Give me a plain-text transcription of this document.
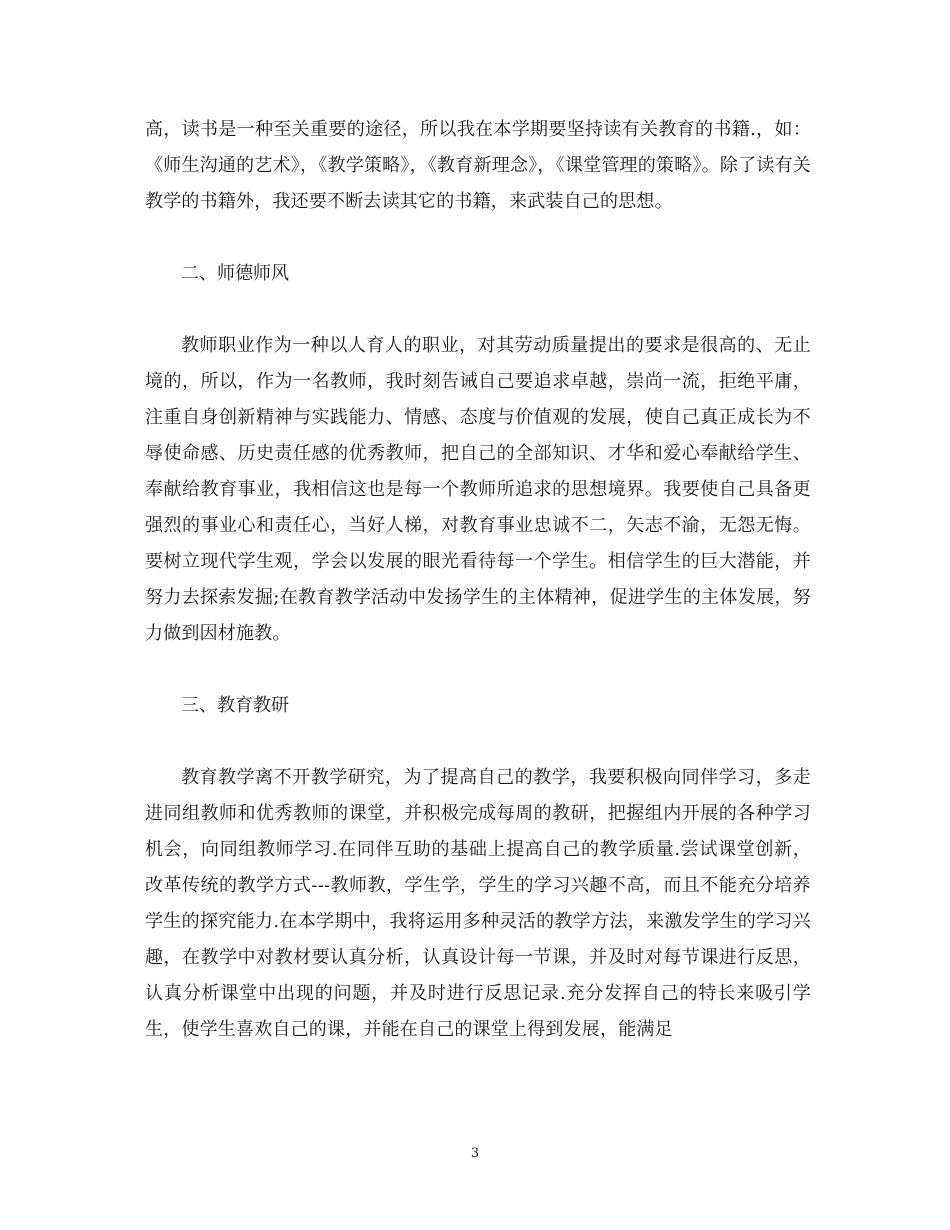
高，读书是一种至关重要的途径，所以我在本学期要坚持读有关教育的书籍.，如：《师生沟通的艺术》，《教学策略》，《教育新理念》，《课堂管理的策略》。除了读有关教学的书籍外，我还要不断去读其它的书籍，来武装自己的思想。

二、师德师风

教师职业作为一种以人育人的职业，对其劳动质量提出的要求是很高的、无止境的，所以，作为一名教师，我时刻告诫自己要追求卓越，崇尚一流，拒绝平庸，注重自身创新精神与实践能力、情感、态度与价值观的发展，使自己真正成长为不辱使命感、历史责任感的优秀教师，把自己的全部知识、才华和爱心奉献给学生、奉献给教育事业，我相信这也是每一个教师所追求的思想境界。我要使自己具备更强烈的事业心和责任心，当好人梯，对教育事业忠诚不二，矢志不渝，无怨无悔。要树立现代学生观，学会以发展的眼光看待每一个学生。相信学生的巨大潜能，并努力去探索发掘;在教育教学活动中发扬学生的主体精神，促进学生的主体发展，努力做到因材施教。

三、教育教研

教育教学离不开教学研究，为了提高自己的教学，我要积极向同伴学习，多走进同组教师和优秀教师的课堂，并积极完成每周的教研，把握组内开展的各种学习机会，向同组教师学习.在同伴互助的基础上提高自己的教学质量.尝试课堂创新，改革传统的教学方式---教师教，学生学，学生的学习兴趣不高，而且不能充分培养学生的探究能力.在本学期中，我将运用多种灵活的教学方法，来激发学生的学习兴趣，在教学中对教材要认真分析，认真设计每一节课，并及时对每节课进行反思，认真分析课堂中出现的问题，并及时进行反思记录.充分发挥自己的特长来吸引学生，使学生喜欢自己的课，并能在自己的课堂上得到发展，能满足

3
